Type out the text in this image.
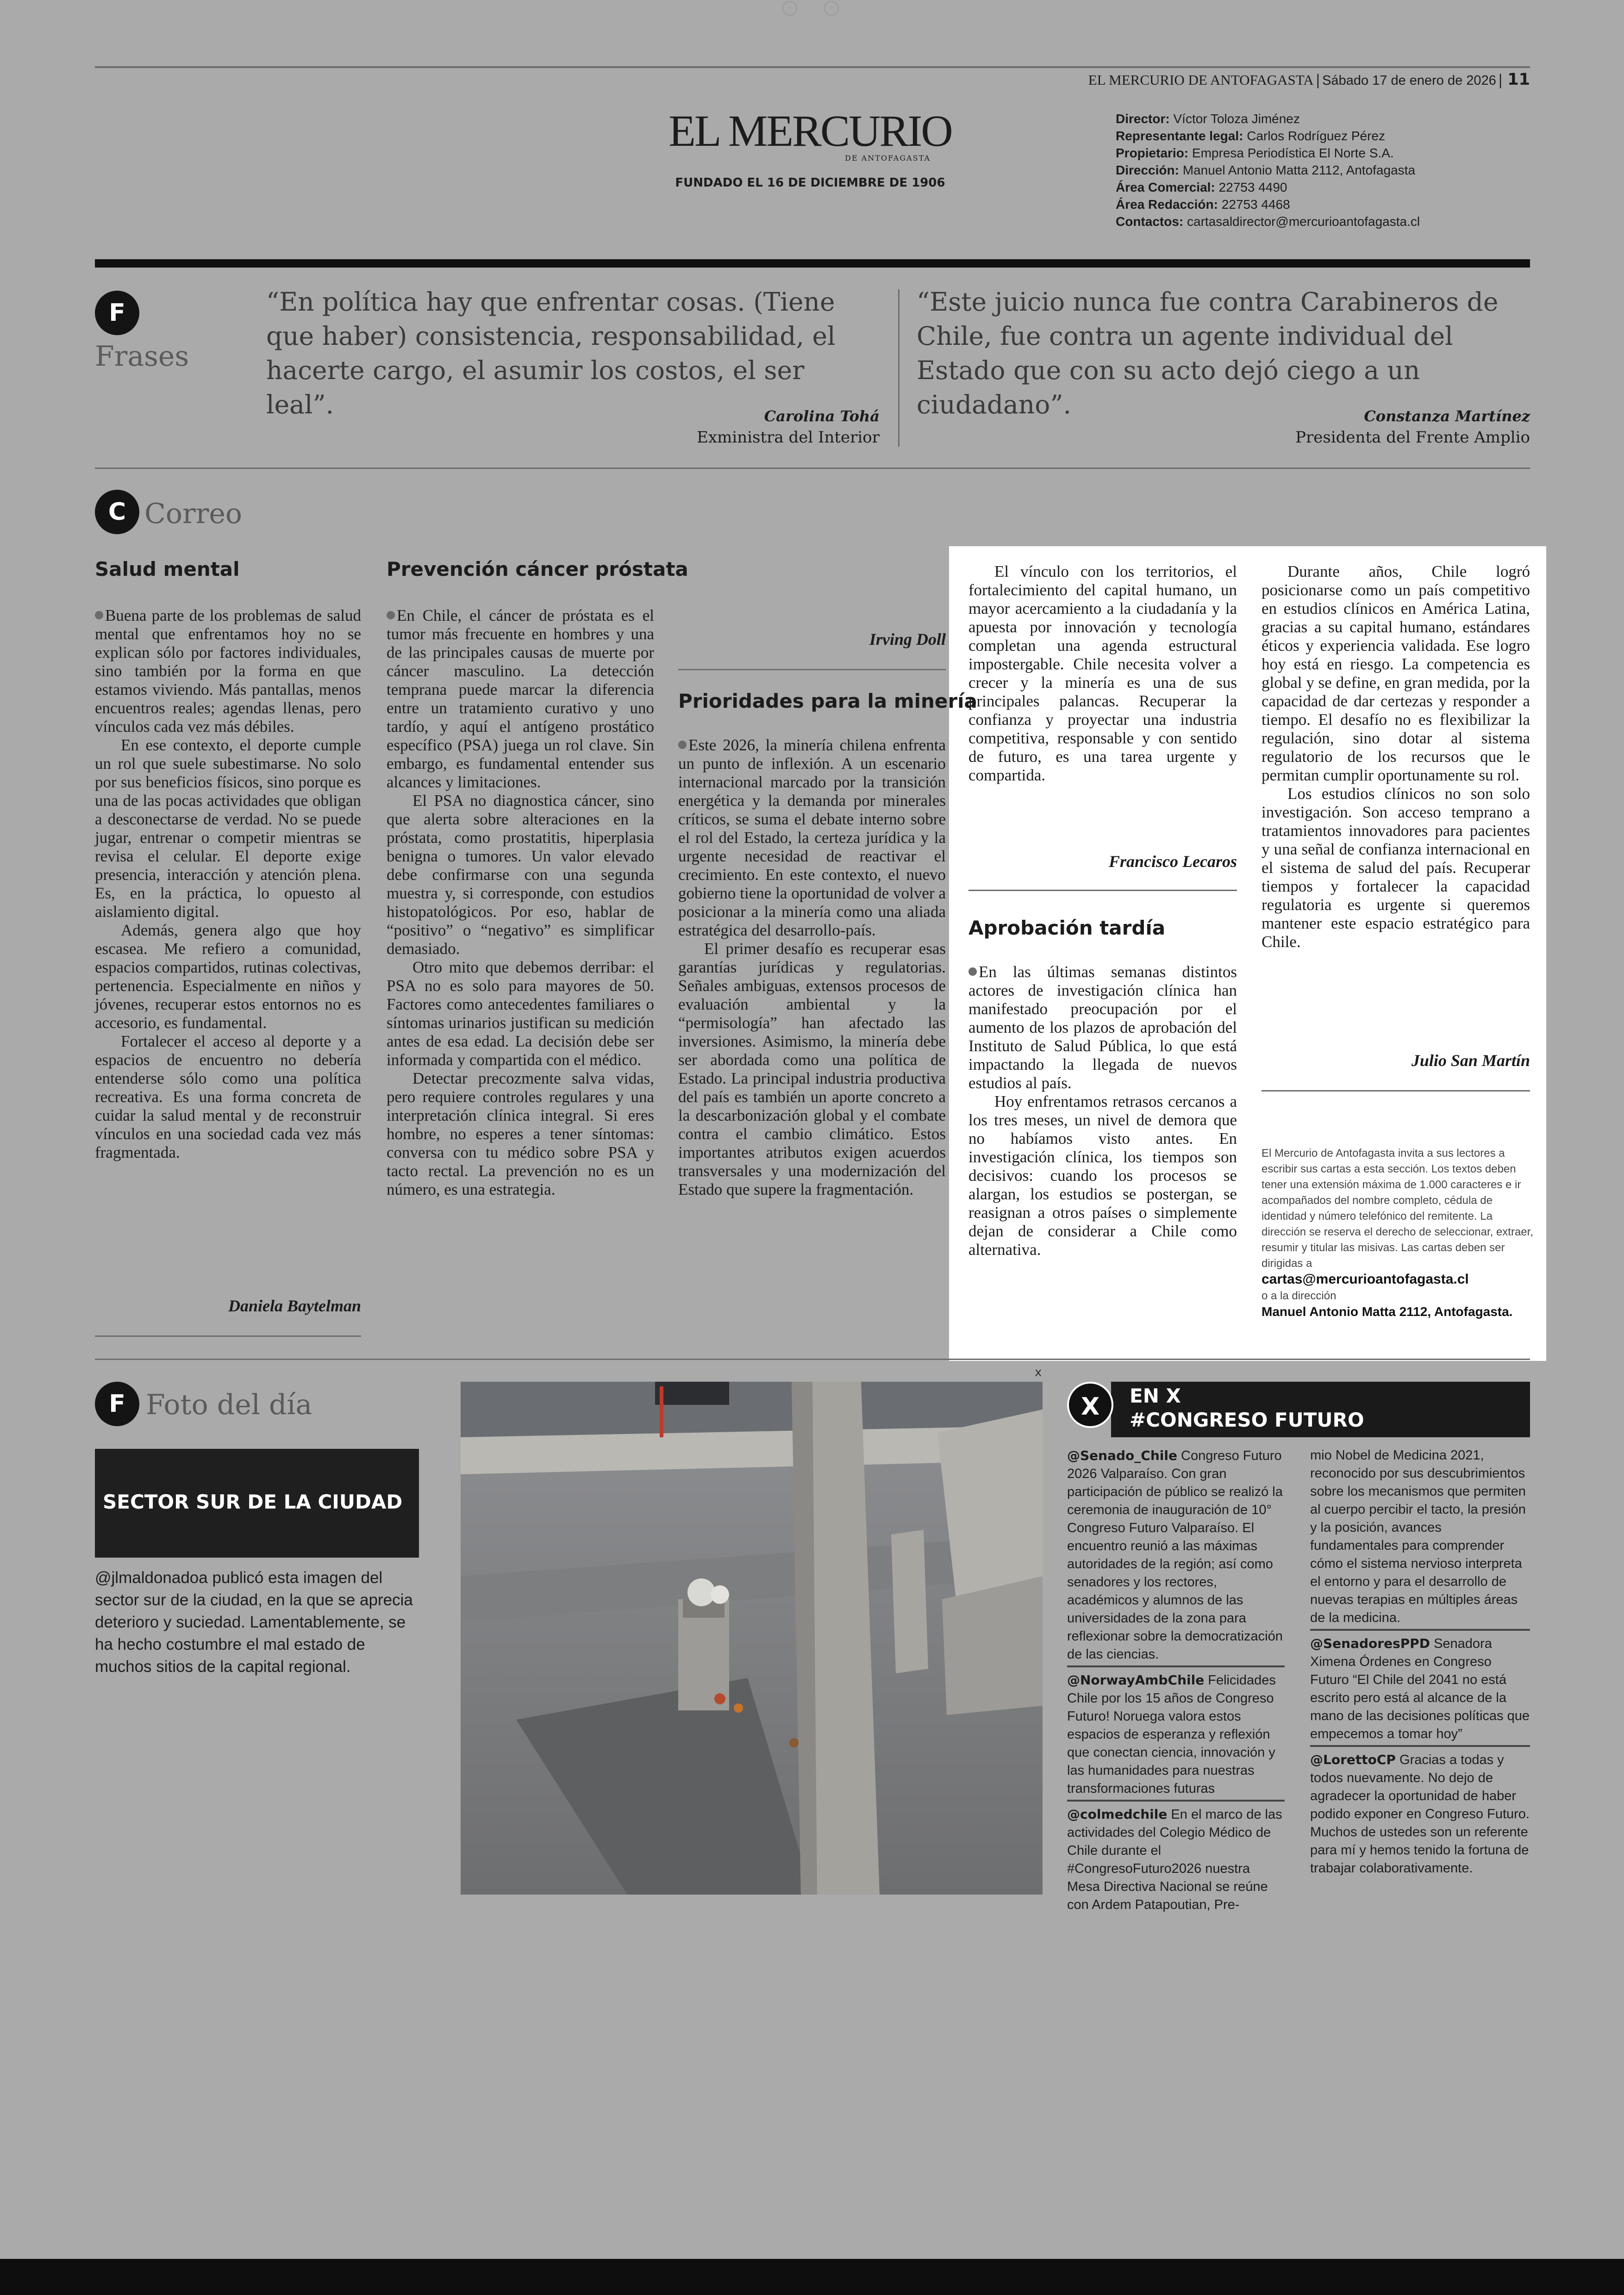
‹	›
EL MERCURIO DE ANTOFAGASTA | Sábado 17 de enero de 2026 | 11
EL MERCURIO
DE ANTOFAGASTA
FUNDADO EL 16 DE DICIEMBRE DE 1906
Director: Víctor Toloza Jiménez
Representante legal: Carlos Rodríguez Pérez
Propietario: Empresa Periodística El Norte S.A.
Dirección: Manuel Antonio Matta 2112, Antofagasta
Área Comercial: 22753 4490
Área Redacción: 22753 4468
Contactos: cartasaldirector@mercurioantofagasta.cl
F
Frases
“En política hay que enfrentar cosas. (Tiene que haber) consistencia, responsabilidad, el hacerte cargo, el asumir los costos, el ser leal”.	Carolina Tohá
Exministra del Interior
“Este juicio nunca fue contra Carabineros de Chile, fue contra un agente individual del Estado que con su acto dejó ciego a un ciudadano”.	Constanza Martínez
Presidenta del Frente Amplio
C Correo
Salud mental

Buena parte de los problemas de salud mental que enfrentamos hoy no se explican sólo por factores individuales, sino también por la forma en que estamos viviendo. Más pantallas, menos encuentros reales; agendas llenas, pero vínculos cada vez más débiles.

En ese contexto, el deporte cumple un rol que suele subestimarse. No solo por sus beneficios físicos, sino porque es una de las pocas actividades que obligan a desconectarse de verdad. No se puede jugar, entrenar o competir mientras se revisa el celular. El deporte exige presencia, interacción y atención plena. Es, en la práctica, lo opuesto al aislamiento digital.

Además, genera algo que hoy escasea. Me refiero a comunidad, espacios compartidos, rutinas colectivas, pertenencia. Especialmente en niños y jóvenes, recuperar estos entornos no es accesorio, es fundamental.

Fortalecer el acceso al deporte y a espacios de encuentro no debería entenderse sólo como una política recreativa. Es una forma concreta de cuidar la salud mental y de reconstruir vínculos en una sociedad cada vez más fragmentada.

Daniela Baytelman
Prevención cáncer próstata

En Chile, el cáncer de próstata es el tumor más frecuente en hombres y una de las principales causas de muerte por cáncer masculino. La detección temprana puede marcar la diferencia entre un tratamiento curativo y uno tardío, y aquí el antígeno prostático específico (PSA) juega un rol clave. Sin embargo, es fundamental entender sus alcances y limitaciones.

El PSA no diagnostica cáncer, sino que alerta sobre alteraciones en la próstata, como prostatitis, hiperplasia benigna o tumores. Un valor elevado debe confirmarse con una segunda muestra y, si corresponde, con estudios histopatológicos. Por eso, hablar de “positivo” o “negativo” es simplificar demasiado.

Otro mito que debemos derribar: el PSA no es solo para mayores de 50. Factores como antecedentes familiares o síntomas urinarios justifican su medición antes de esa edad. La decisión debe ser informada y compartida con el médico.

Detectar precozmente salva vidas, pero requiere controles regulares y una interpretación clínica integral. Si eres hombre, no esperes a tener síntomas: conversa con tu médico sobre PSA y tacto rectal. La prevención no es un número, es una estrategia.

Irving Doll
Prioridades para la minería

Este 2026, la minería chilena enfrenta un punto de inflexión. A un escenario internacional marcado por la transición energética y la demanda por minerales críticos, se suma el debate interno sobre el rol del Estado, la certeza jurídica y la urgente necesidad de reactivar el crecimiento. En este contexto, el nuevo gobierno tiene la oportunidad de volver a posicionar a la minería como una aliada estratégica del desarrollo-país.

El primer desafío es recuperar esas garantías jurídicas y regulatorias. Señales ambiguas, extensos procesos de evaluación ambiental y la “permisología” han afectado las inversiones. Asimismo, la minería debe ser abordada como una política de Estado. La principal industria productiva del país es también un aporte concreto a la descarbonización global y el combate contra el cambio climático. Estos importantes atributos exigen acuerdos transversales y una modernización del Estado que supere la fragmentación.

El vínculo con los territorios, el fortalecimiento del capital humano, un mayor acercamiento a la ciudadanía y la apuesta por innovación y tecnología completan una agenda estructural impostergable. Chile necesita volver a crecer y la minería es una de sus principales palancas. Recuperar la confianza y proyectar una industria competitiva, responsable y con sentido de futuro, es una tarea urgente y compartida.

Francisco Lecaros
Aprobación tardía

En las últimas semanas distintos actores de investigación clínica han manifestado preocupación por el aumento de los plazos de aprobación del Instituto de Salud Pública, lo que está impactando la llegada de nuevos estudios al país.

Hoy enfrentamos retrasos cercanos a los tres meses, un nivel de demora que no habíamos visto antes. En investigación clínica, los tiempos son decisivos: cuando los procesos se alargan, los estudios se postergan, se reasignan a otros países o simplemente dejan de considerar a Chile como alternativa.

Durante años, Chile logró posicionarse como un país competitivo en estudios clínicos en América Latina, gracias a su capital humano, estándares éticos y experiencia validada. Ese logro hoy está en riesgo. La competencia es global y se define, en gran medida, por la capacidad de dar certezas y responder a tiempo. El desafío no es flexibilizar la regulación, sino dotar al sistema regulatorio de los recursos que le permitan cumplir oportunamente su rol.

Los estudios clínicos no son solo investigación. Son acceso temprano a tratamientos innovadores para pacientes y una señal de confianza internacional en el sistema de salud del país. Recuperar tiempos y fortalecer la capacidad regulatoria es urgente si queremos mantener este espacio estratégico para Chile.

Julio San Martín
El Mercurio de Antofagasta invita a sus lectores a escribir sus cartas a esta sección. Los textos deben tener una extensión máxima de 1.000 caracteres e ir acompañados del nombre completo, cédula de identidad y número telefónico del remitente. La dirección se reserva el derecho de seleccionar, extraer, resumir y titular las misivas. Las cartas deben ser dirigidas a
cartas@mercurioantofagasta.cl
o a la dirección
Manuel Antonio Matta 2112, Antofagasta.
F Foto del día
SECTOR SUR DE LA CIUDAD
@jlmaldonadoa publicó esta imagen del sector sur de la ciudad, en la que se aprecia deterioro y suciedad. Lamentablemente, se ha hecho costumbre el mal estado de muchos sitios de la capital regional.
x
X	EN X
#CONGRESO FUTURO
@Senado_Chile Congreso Futuro 2026 Valparaíso. Con gran participación de público se realizó la ceremonia de inauguración de 10° Congreso Futuro Valparaíso. El encuentro reunió a las máximas autoridades de la región; así como senadores y los rectores, académicos y alumnos de las universidades de la zona para reflexionar sobre la democratización de las ciencias.
@NorwayAmbChile Felicidades Chile por los 15 años de Congreso Futuro! Noruega valora estos espacios de esperanza y reflexión que conectan ciencia, innovación y las humanidades para nuestras transformaciones futuras
@colmedchile En el marco de las actividades del Colegio Médico de Chile durante el #CongresoFuturo2026 nuestra Mesa Directiva Nacional se reúne con Ardem Patapoutian, Pre-
mio Nobel de Medicina 2021, reconocido por sus descubrimientos sobre los mecanismos que permiten al cuerpo percibir el tacto, la presión y la posición, avances fundamentales para comprender cómo el sistema nervioso interpreta el entorno y para el desarrollo de nuevas terapias en múltiples áreas de la medicina.
@SenadoresPPD Senadora Ximena Órdenes en Congreso Futuro “El Chile del 2041 no está escrito pero está al alcance de la mano de las decisiones políticas que empecemos a tomar hoy”
@LorettoCP Gracias a todas y todos nuevamente. No dejo de agradecer la oportunidad de haber podido exponer en Congreso Futuro. Muchos de ustedes son un referente para mí y hemos tenido la fortuna de trabajar colaborativamente.
